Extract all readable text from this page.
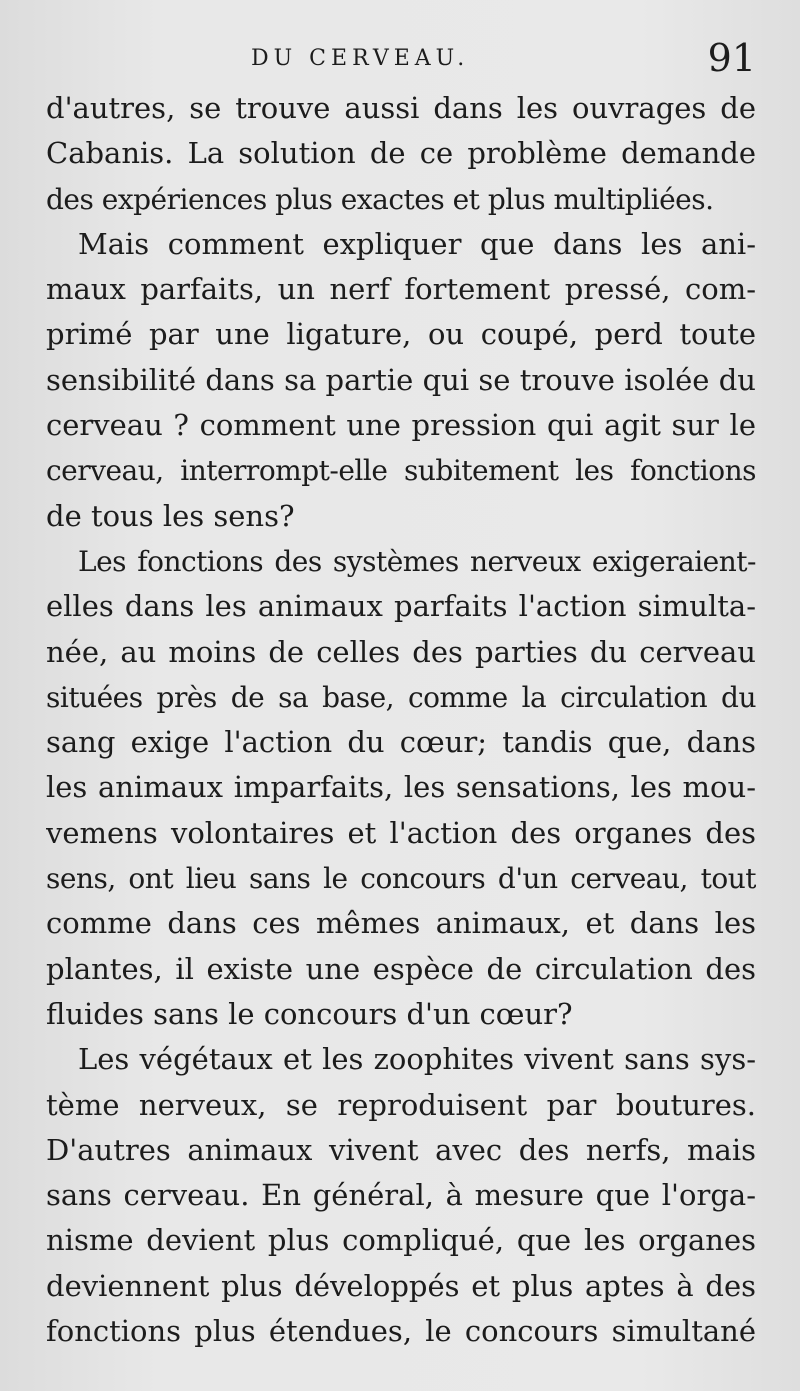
DU CERVEAU.	91
d'autres, se trouve aussi dans les ouvrages de
Cabanis. La solution de ce problème demande
des expériences plus exactes et plus multipliées.
Mais comment expliquer que dans les ani-
maux parfaits, un nerf fortement pressé, com-
primé par une ligature, ou coupé, perd toute
sensibilité dans sa partie qui se trouve isolée du
cerveau ? comment une pression qui agit sur le
cerveau, interrompt-elle subitement les fonctions
de tous les sens?
Les fonctions des systèmes nerveux exigeraient-
elles dans les animaux parfaits l'action simulta-
née, au moins de celles des parties du cerveau
situées près de sa base, comme la circulation du
sang exige l'action du cœur; tandis que, dans
les animaux imparfaits, les sensations, les mou-
vemens volontaires et l'action des organes des
sens, ont lieu sans le concours d'un cerveau, tout
comme dans ces mêmes animaux, et dans les
plantes, il existe une espèce de circulation des
fluides sans le concours d'un cœur?
Les végétaux et les zoophites vivent sans sys-
tème nerveux, se reproduisent par boutures.
D'autres animaux vivent avec des nerfs, mais
sans cerveau. En général, à mesure que l'orga-
nisme devient plus compliqué, que les organes
deviennent plus développés et plus aptes à des
fonctions plus étendues, le concours simultané
